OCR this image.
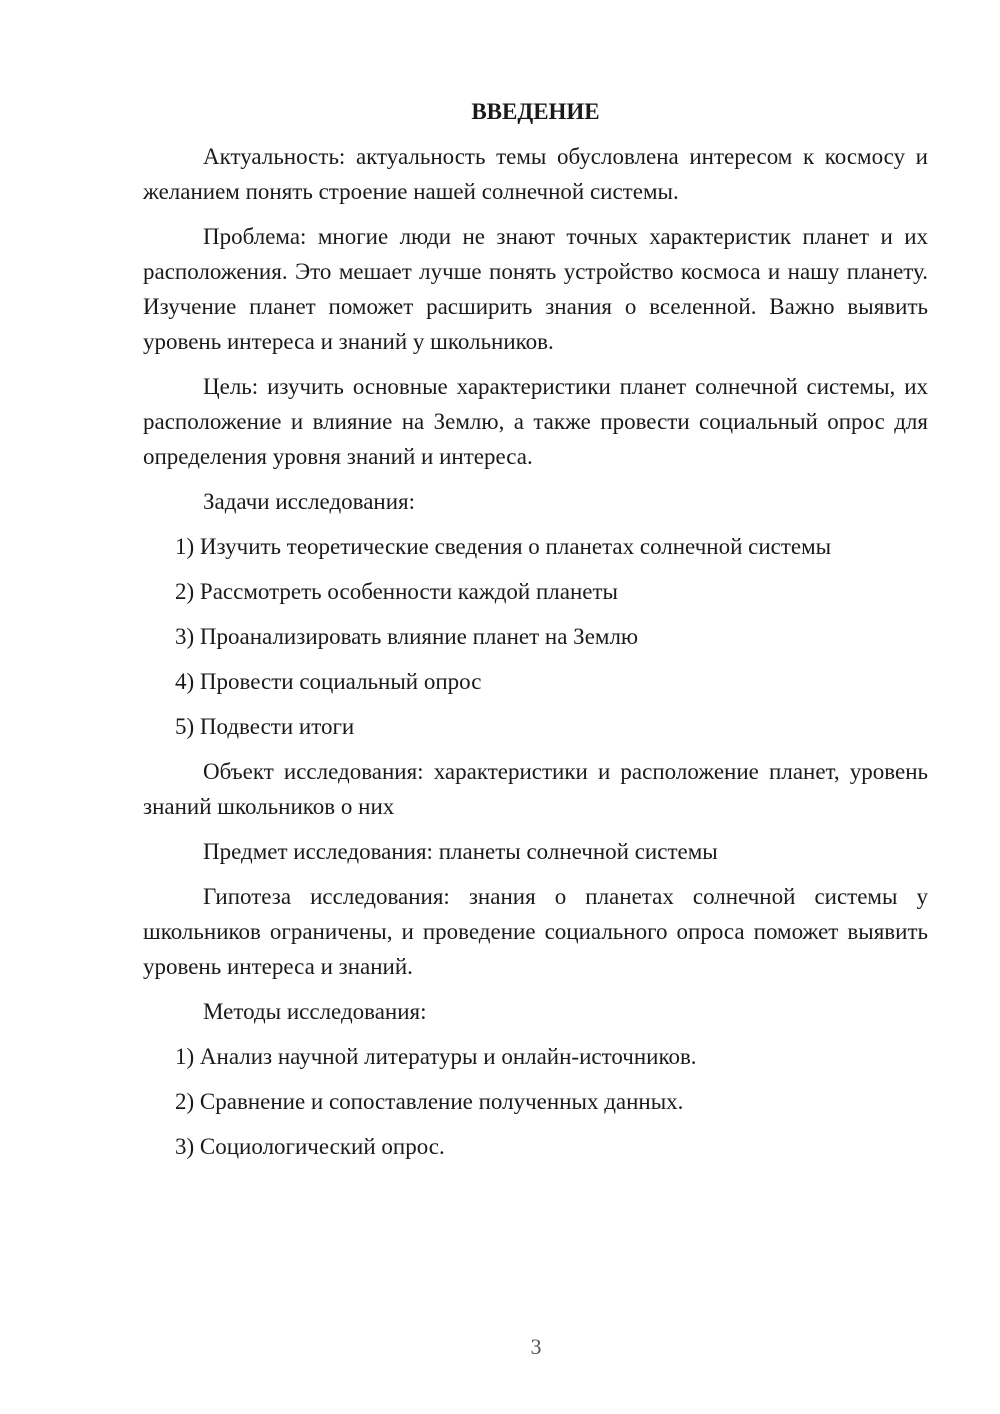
ВВЕДЕНИЕ

Актуальность: актуальность темы обусловлена интересом к космосу и желанием понять строение нашей солнечной системы.

Проблема: многие люди не знают точных характеристик планет и их расположения. Это мешает лучше понять устройство космоса и нашу планету. Изучение планет поможет расширить знания о вселенной. Важно выявить уровень интереса и знаний у школьников.

Цель: изучить основные характеристики планет солнечной системы, их расположение и влияние на Землю, а также провести социальный опрос для определения уровня знаний и интереса.

Задачи исследования:

1) Изучить теоретические сведения о планетах солнечной системы

2) Рассмотреть особенности каждой планеты

3) Проанализировать влияние планет на Землю

4) Провести социальный опрос

5) Подвести итоги

Объект исследования: характеристики и расположение планет, уровень знаний школьников о них

Предмет исследования: планеты солнечной системы

Гипотеза исследования: знания о планетах солнечной системы у школьников ограничены, и проведение социального опроса поможет выявить уровень интереса и знаний.

Методы исследования:

1) Анализ научной литературы и онлайн-источников.

2) Сравнение и сопоставление полученных данных.

3) Социологический опрос.

3
